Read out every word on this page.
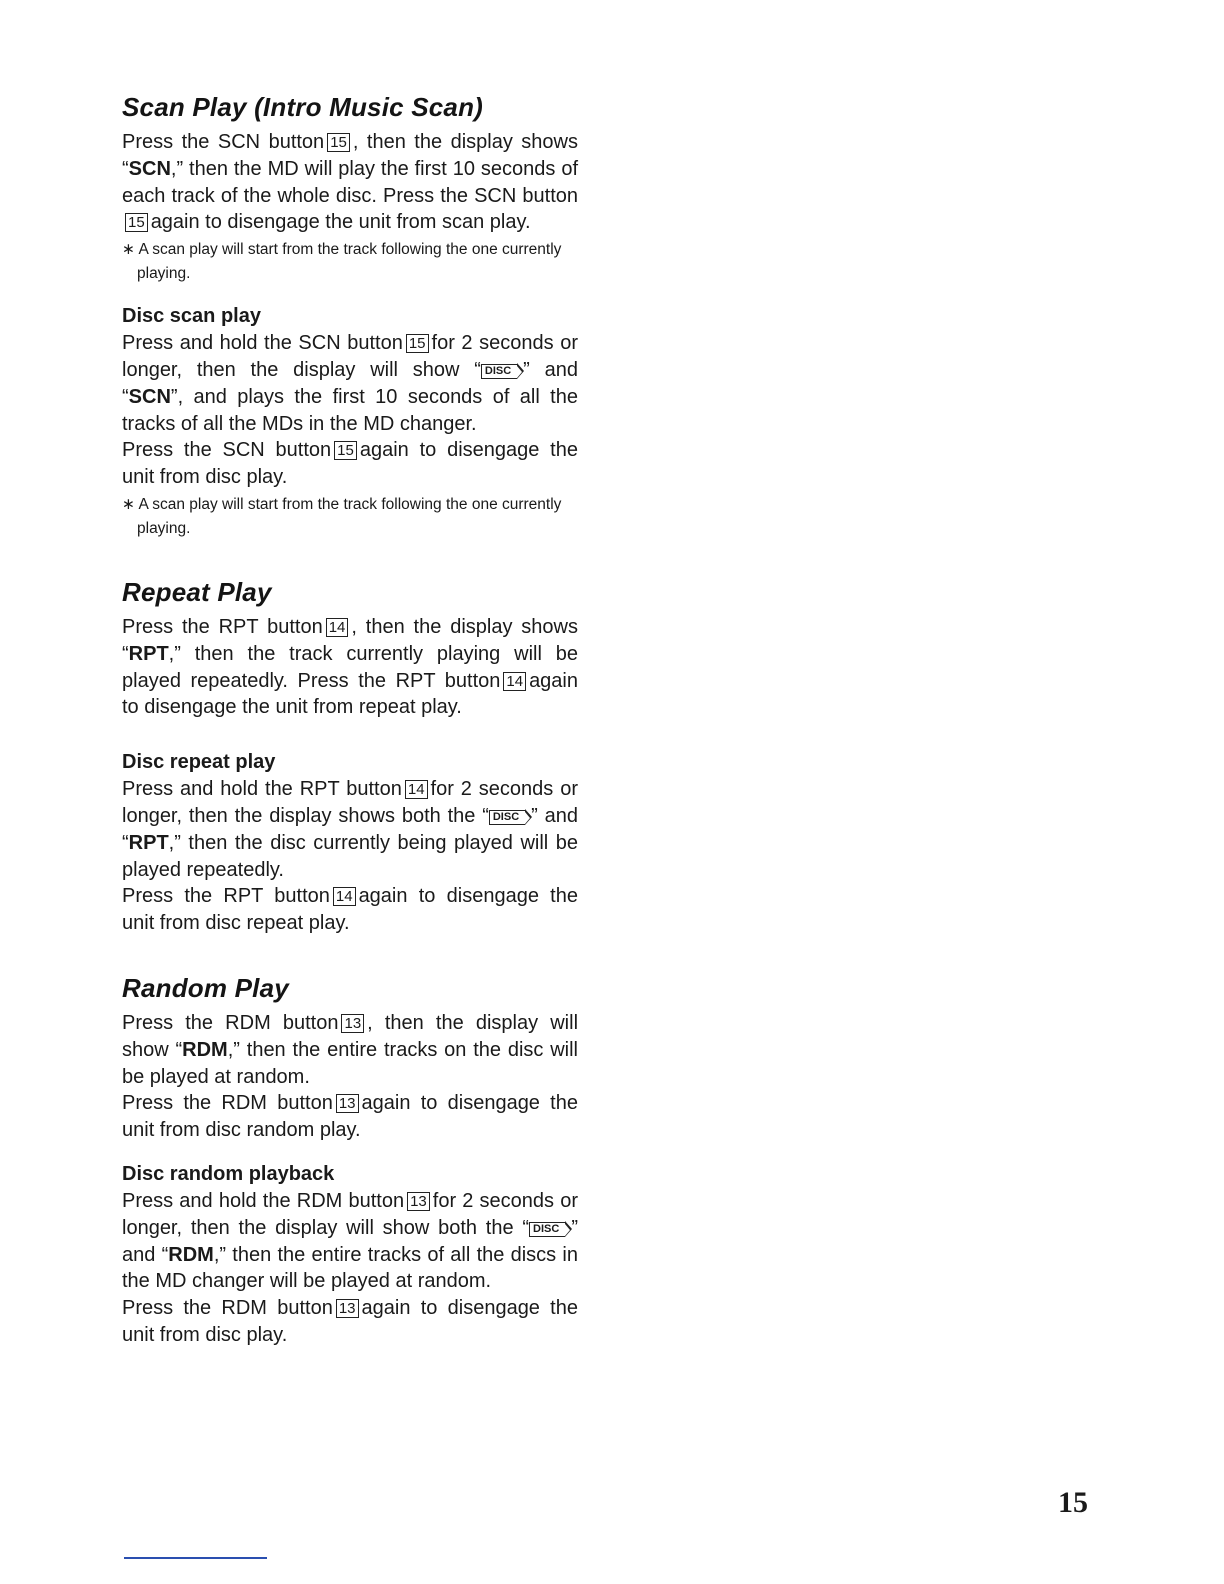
Scan Play (Intro Music Scan)

Press the SCN button 15 , then the display shows “SCN,” then the MD will play the first 10 seconds of each track of the whole disc. Press the SCN button15 again to disengage the unit from scan play.

∗ A scan play will start from the track following the one currently playing.

Disc scan play

Press and hold the SCN button 15 for 2 seconds or longer, then the display will show “ DISC ” and “SCN”, and plays the first 10 seconds of all the tracks of all the MDs in the MD changer.

Press the SCN button 15 again to disengage the unit from disc play.

∗ A scan play will start from the track following the one currently playing.

Repeat Play

Press the RPT button 14 , then the display shows “RPT,” then the track currently playing will be played repeatedly. Press the RPT button 14 again to disengage the unit from repeat play.

Disc repeat play

Press and hold the RPT button 14 for 2 seconds or longer, then the display shows both the “ DISC ” and “RPT,” then the disc currently being played will be played repeatedly.

Press the RPT button 14 again to disengage the unit from disc repeat play.

Random Play

Press the RDM button 13 , then the display will show “RDM,” then the entire tracks on the disc will be played at random.

Press the RDM button 13 again to disengage the unit from disc random play.

Disc random playback

Press and hold the RDM button 13 for 2 seconds or longer, then the display will show both the “ DISC ” and “RDM,” then the entire tracks of all the discs in the MD changer will be played at random.

Press the RDM button 13 again to disengage the unit from disc play.

15
